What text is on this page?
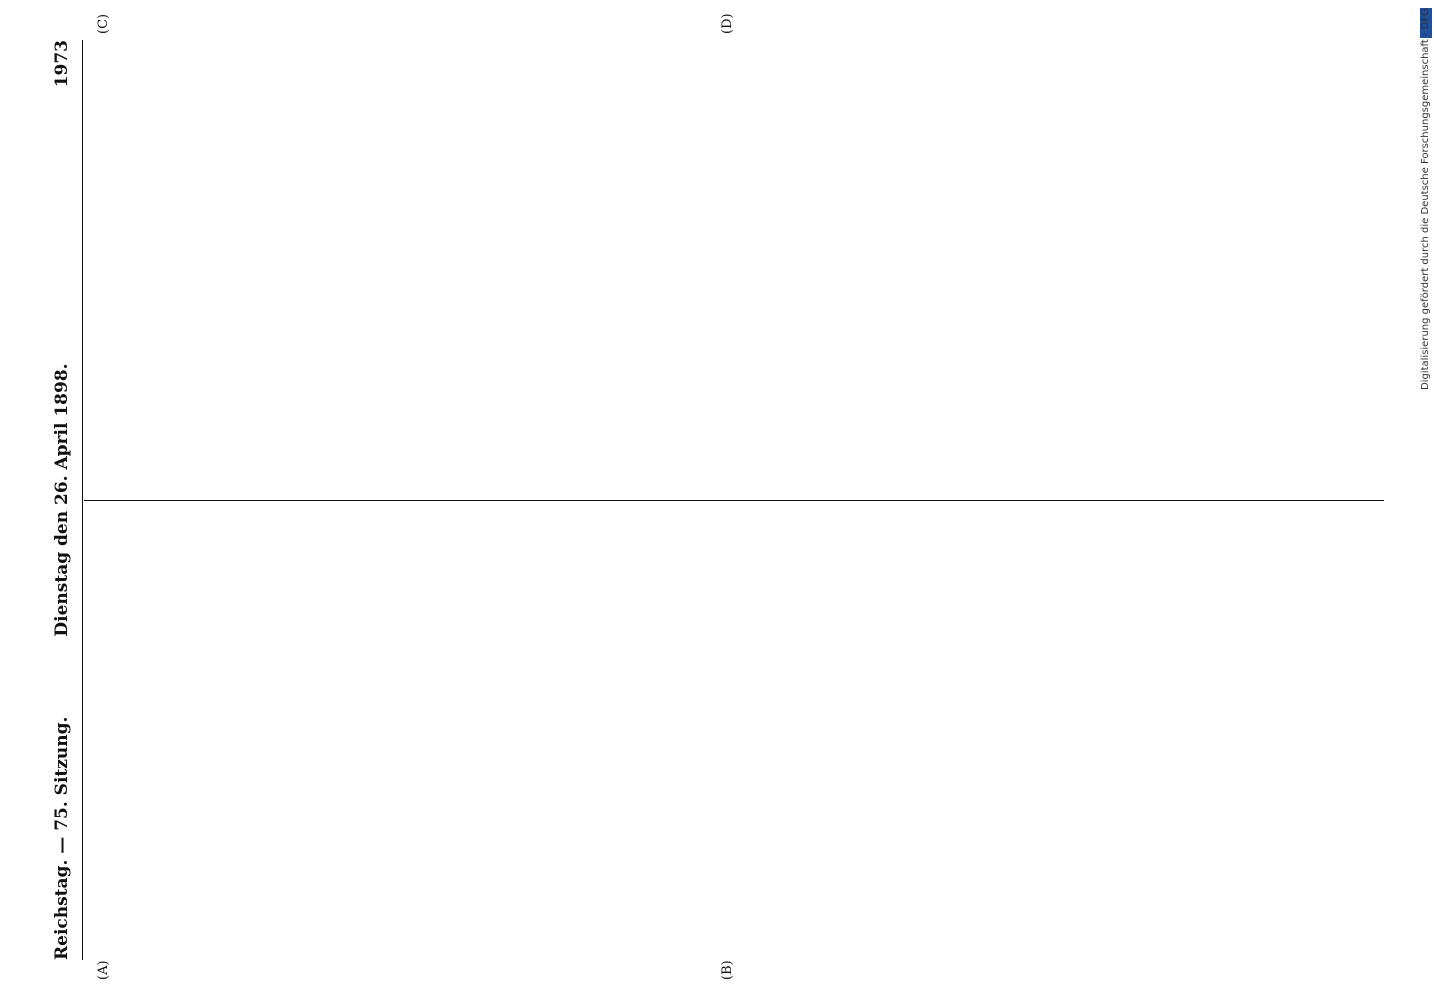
Reichstag. — 75. Sitzung.
Dienstag den 26. April 1898.
1973
(A)	(B)
(C)	(D)	Digitalisierung gefördert durch die Deutsche Forschungsgemeinschaft - DFG
